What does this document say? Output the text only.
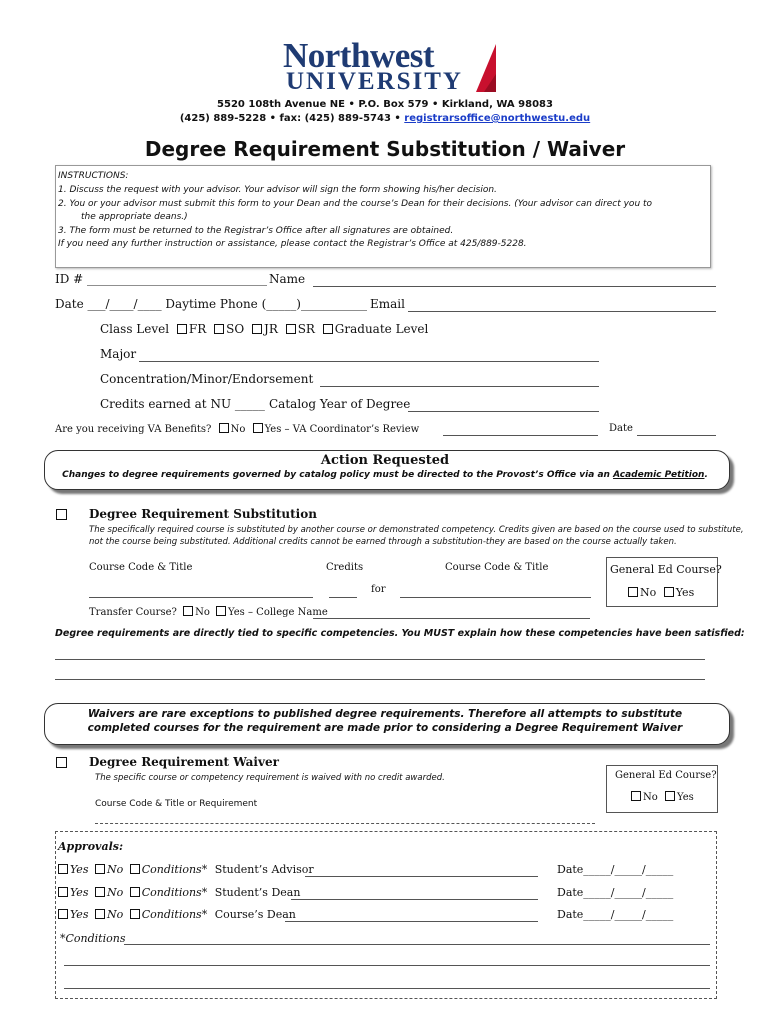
Northwest
UNIVERSITY
5520 108th Avenue NE • P.O. Box 579 • Kirkland, WA 98083
(425) 889-5228 • fax: (425) 889-5743 • registrarsoffice@northwestu.edu
Degree Requirement Substitution / Waiver
INSTRUCTIONS:
1. Discuss the request with your advisor. Your advisor will sign the form showing his/her decision.
2. You or your advisor must submit this form to your Dean and the course’s Dean for their decisions. (Your advisor can direct you to
the appropriate deans.)
3. The form must be returned to the Registrar’s Office after all signatures are obtained.
If you need any further instruction or assistance, please contact the Registrar’s Office at 425/889-5228.
ID # ______________________________ Name
Date ___/____/____ Daytime Phone (_____)___________ Email
Class Level FR SO JR SR Graduate Level
Major
Concentration/Minor/Endorsement
Credits earned at NU _____ Catalog Year of Degree
Are you receiving VA Benefits? No Yes – VA Coordinator’s Review	Date
Action Requested
Changes to degree requirements governed by catalog policy must be directed to the Provost’s Office via an Academic Petition.
Degree Requirement Substitution
The specifically required course is substituted by another course or demonstrated competency. Credits given are based on the course used to substitute,
not the course being substituted. Additional credits cannot be earned through a substitution-they are based on the course actually taken.
Course Code & Title	Credits	Course Code & Title
for
General Ed Course?
No Yes
Transfer Course? No Yes – College Name
Degree requirements are directly tied to specific competencies. You MUST explain how these competencies have been satisfied:
Waivers are rare exceptions to published degree requirements. Therefore all attempts to substitute
completed courses for the requirement are made prior to considering a Degree Requirement Waiver
Degree Requirement Waiver
The specific course or competency requirement is waived with no credit awarded.
Course Code & Title or Requirement
General Ed Course?
No Yes
Approvals:
Yes No Conditions* Student’s Advisor	Date_____/_____/_____
Yes No Conditions* Student’s Dean	Date_____/_____/_____
Yes No Conditions* Course’s Dean	Date_____/_____/_____
*Conditions
